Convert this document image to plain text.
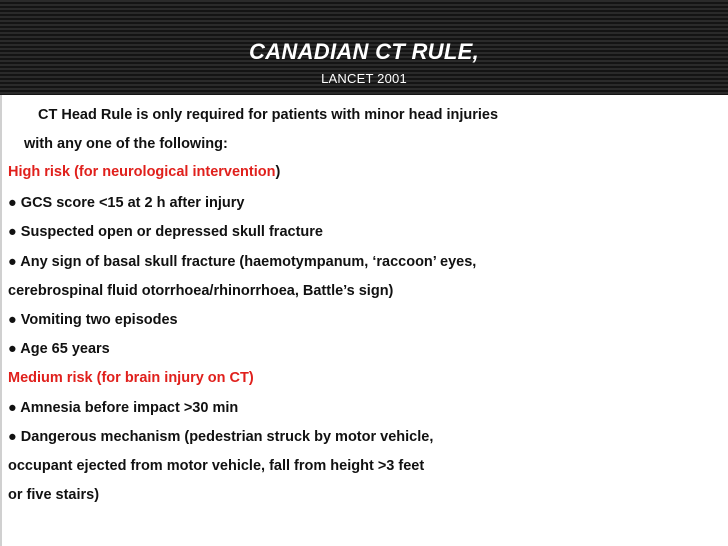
CANADIAN CT RULE,
LANCET 2001
CT Head Rule is only required for patients with minor head injuries
with any one of the following:
High risk (for neurological intervention)
● GCS score <15 at 2 h after injury
● Suspected open or depressed skull fracture
● Any sign of basal skull fracture (haemotympanum, ‘raccoon’ eyes,
cerebrospinal fluid otorrhoea/rhinorrhoea, Battle’s sign)
● Vomiting two episodes
● Age 65 years
Medium risk (for brain injury on CT)
● Amnesia before impact >30 min
● Dangerous mechanism (pedestrian struck by motor vehicle,
occupant ejected from motor vehicle, fall from height >3 feet
or five stairs)
